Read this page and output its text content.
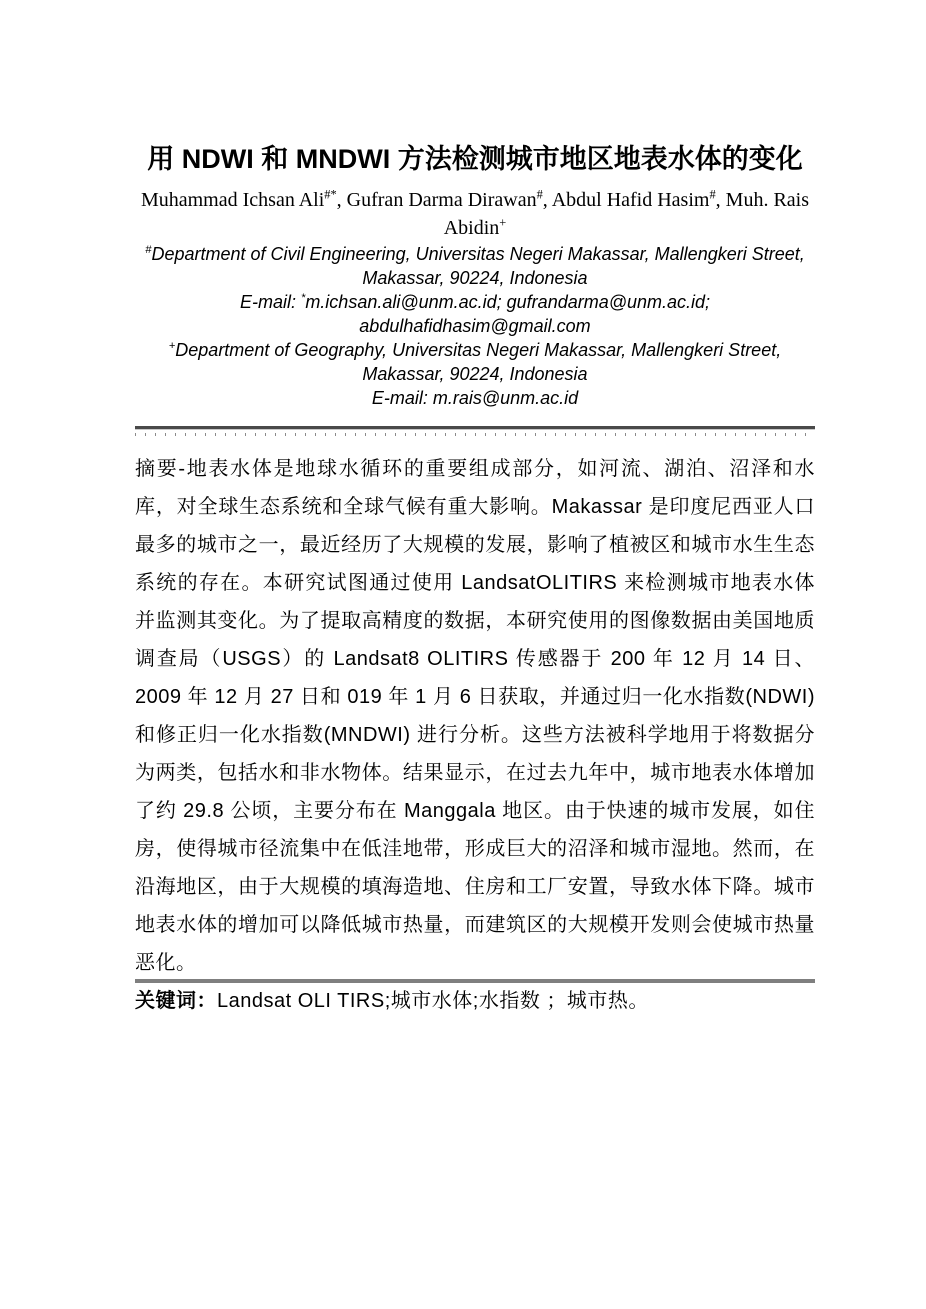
用 NDWI 和 MNDWI 方法检测城市地区地表水体的变化
Muhammad Ichsan Ali#*, Gufran Darma Dirawan#, Abdul Hafid Hasim#, Muh. Rais
Abidin+
#Department of Civil Engineering, Universitas Negeri Makassar, Mallengkeri Street,
Makassar, 90224, Indonesia
E-mail: *m.ichsan.ali@unm.ac.id; gufrandarma@unm.ac.id;
abdulhafidhasim@gmail.com
+Department of Geography, Universitas Negeri Makassar, Mallengkeri Street,
Makassar, 90224, Indonesia
E-mail: m.rais@unm.ac.id

摘要-地表水体是地球水循环的重要组成部分，如河流、湖泊、沼泽和水库，对全球生态系统和全球气候有重大影响。Makassar 是印度尼西亚人口最多的城市之一，最近经历了大规模的发展，影响了植被区和城市水生生态系统的存在。本研究试图通过使用 LandsatOLITIRS 来检测城市地表水体并监测其变化。为了提取高精度的数据，本研究使用的图像数据由美国地质调查局（USGS）的 Landsat8 OLITIRS 传感器于 200 年 12 月 14 日、2009 年 12 月 27 日和 019 年 1 月 6 日获取，并通过归一化水指数(NDWI)和修正归一化水指数(MNDWI) 进行分析。这些方法被科学地用于将数据分为两类，包括水和非水物体。结果显示，在过去九年中，城市地表水体增加了约 29.8 公顷，主要分布在 Manggala 地区。由于快速的城市发展，如住房，使得城市径流集中在低洼地带，形成巨大的沼泽和城市湿地。然而，在沿海地区，由于大规模的填海造地、住房和工厂安置，导致水体下降。城市地表水体的增加可以降低城市热量，而建筑区的大规模开发则会使城市热量恶化。

关键词：Landsat OLI TIRS;城市水体;水指数 ；城市热。
